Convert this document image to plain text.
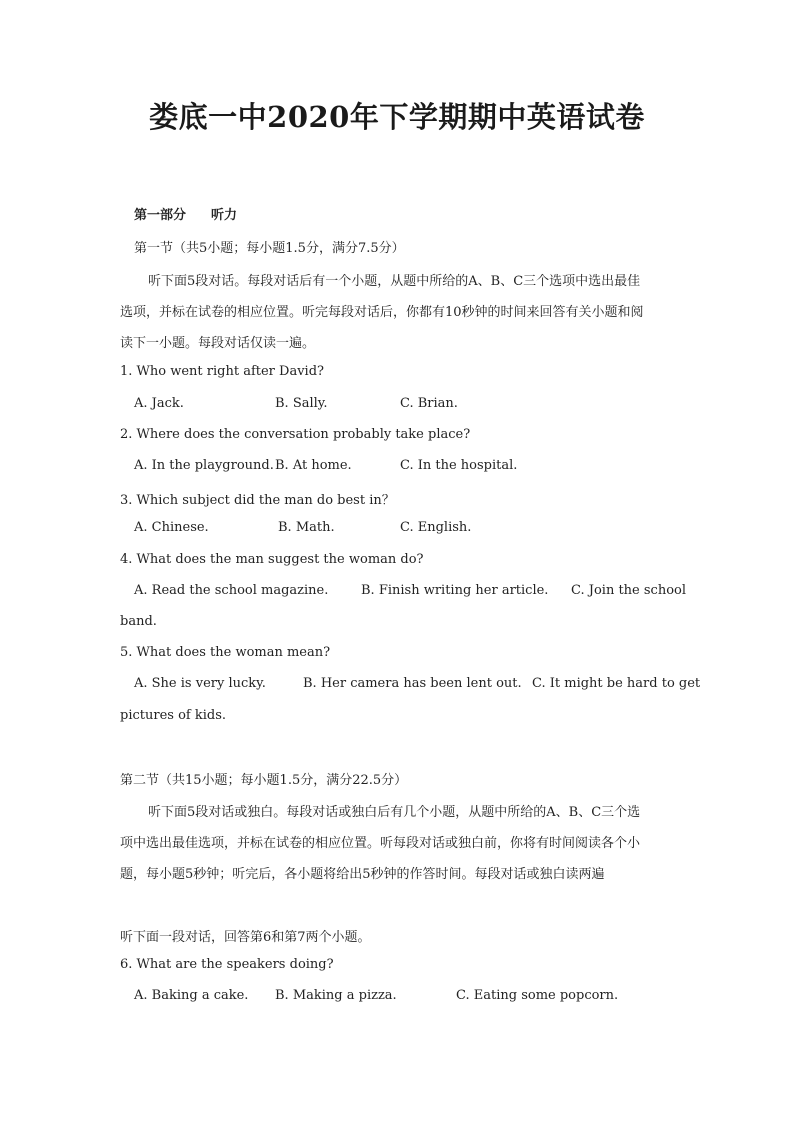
娄底一中2020年下学期期中英语试卷
第一部分 听力
第一节（共5小题；每小题1.5分，满分7.5分）
听下面5段对话。每段对话后有一个小题，从题中所给的A、B、C三个选项中选出最佳
选项，并标在试卷的相应位置。听完每段对话后，你都有10秒钟的时间来回答有关小题和阅
读下一小题。每段对话仅读一遍。
1. Who went right after David?
A. Jack.	B. Sally.	C. Brian.
2. Where does the conversation probably take place?
A. In the playground. B. At home.	C. In the hospital.
3. Which subject did the man do best in？
A. Chinese.	B. Math.	C. English.
4. What does the man suggest the woman do?
A. Read the school magazine.	B. Finish writing her article. C. Join the school
band.
5. What does the woman mean?
A. She is very lucky.	B. Her camera has been lent out. C. It might be hard to get
pictures of kids.
第二节（共15小题；每小题1.5分，满分22.5分）
听下面5段对话或独白。每段对话或独白后有几个小题，从题中所给的A、B、C三个选
项中选出最佳选项，并标在试卷的相应位置。听每段对话或独白前，你将有时间阅读各个小
题，每小题5秒钟；听完后，各小题将给出5秒钟的作答时间。每段对话或独白读两遍
听下面一段对话，回答第6和第7两个小题。
6. What are the speakers doing?
A. Baking a cake. B. Making a pizza.	C. Eating some popcorn.
